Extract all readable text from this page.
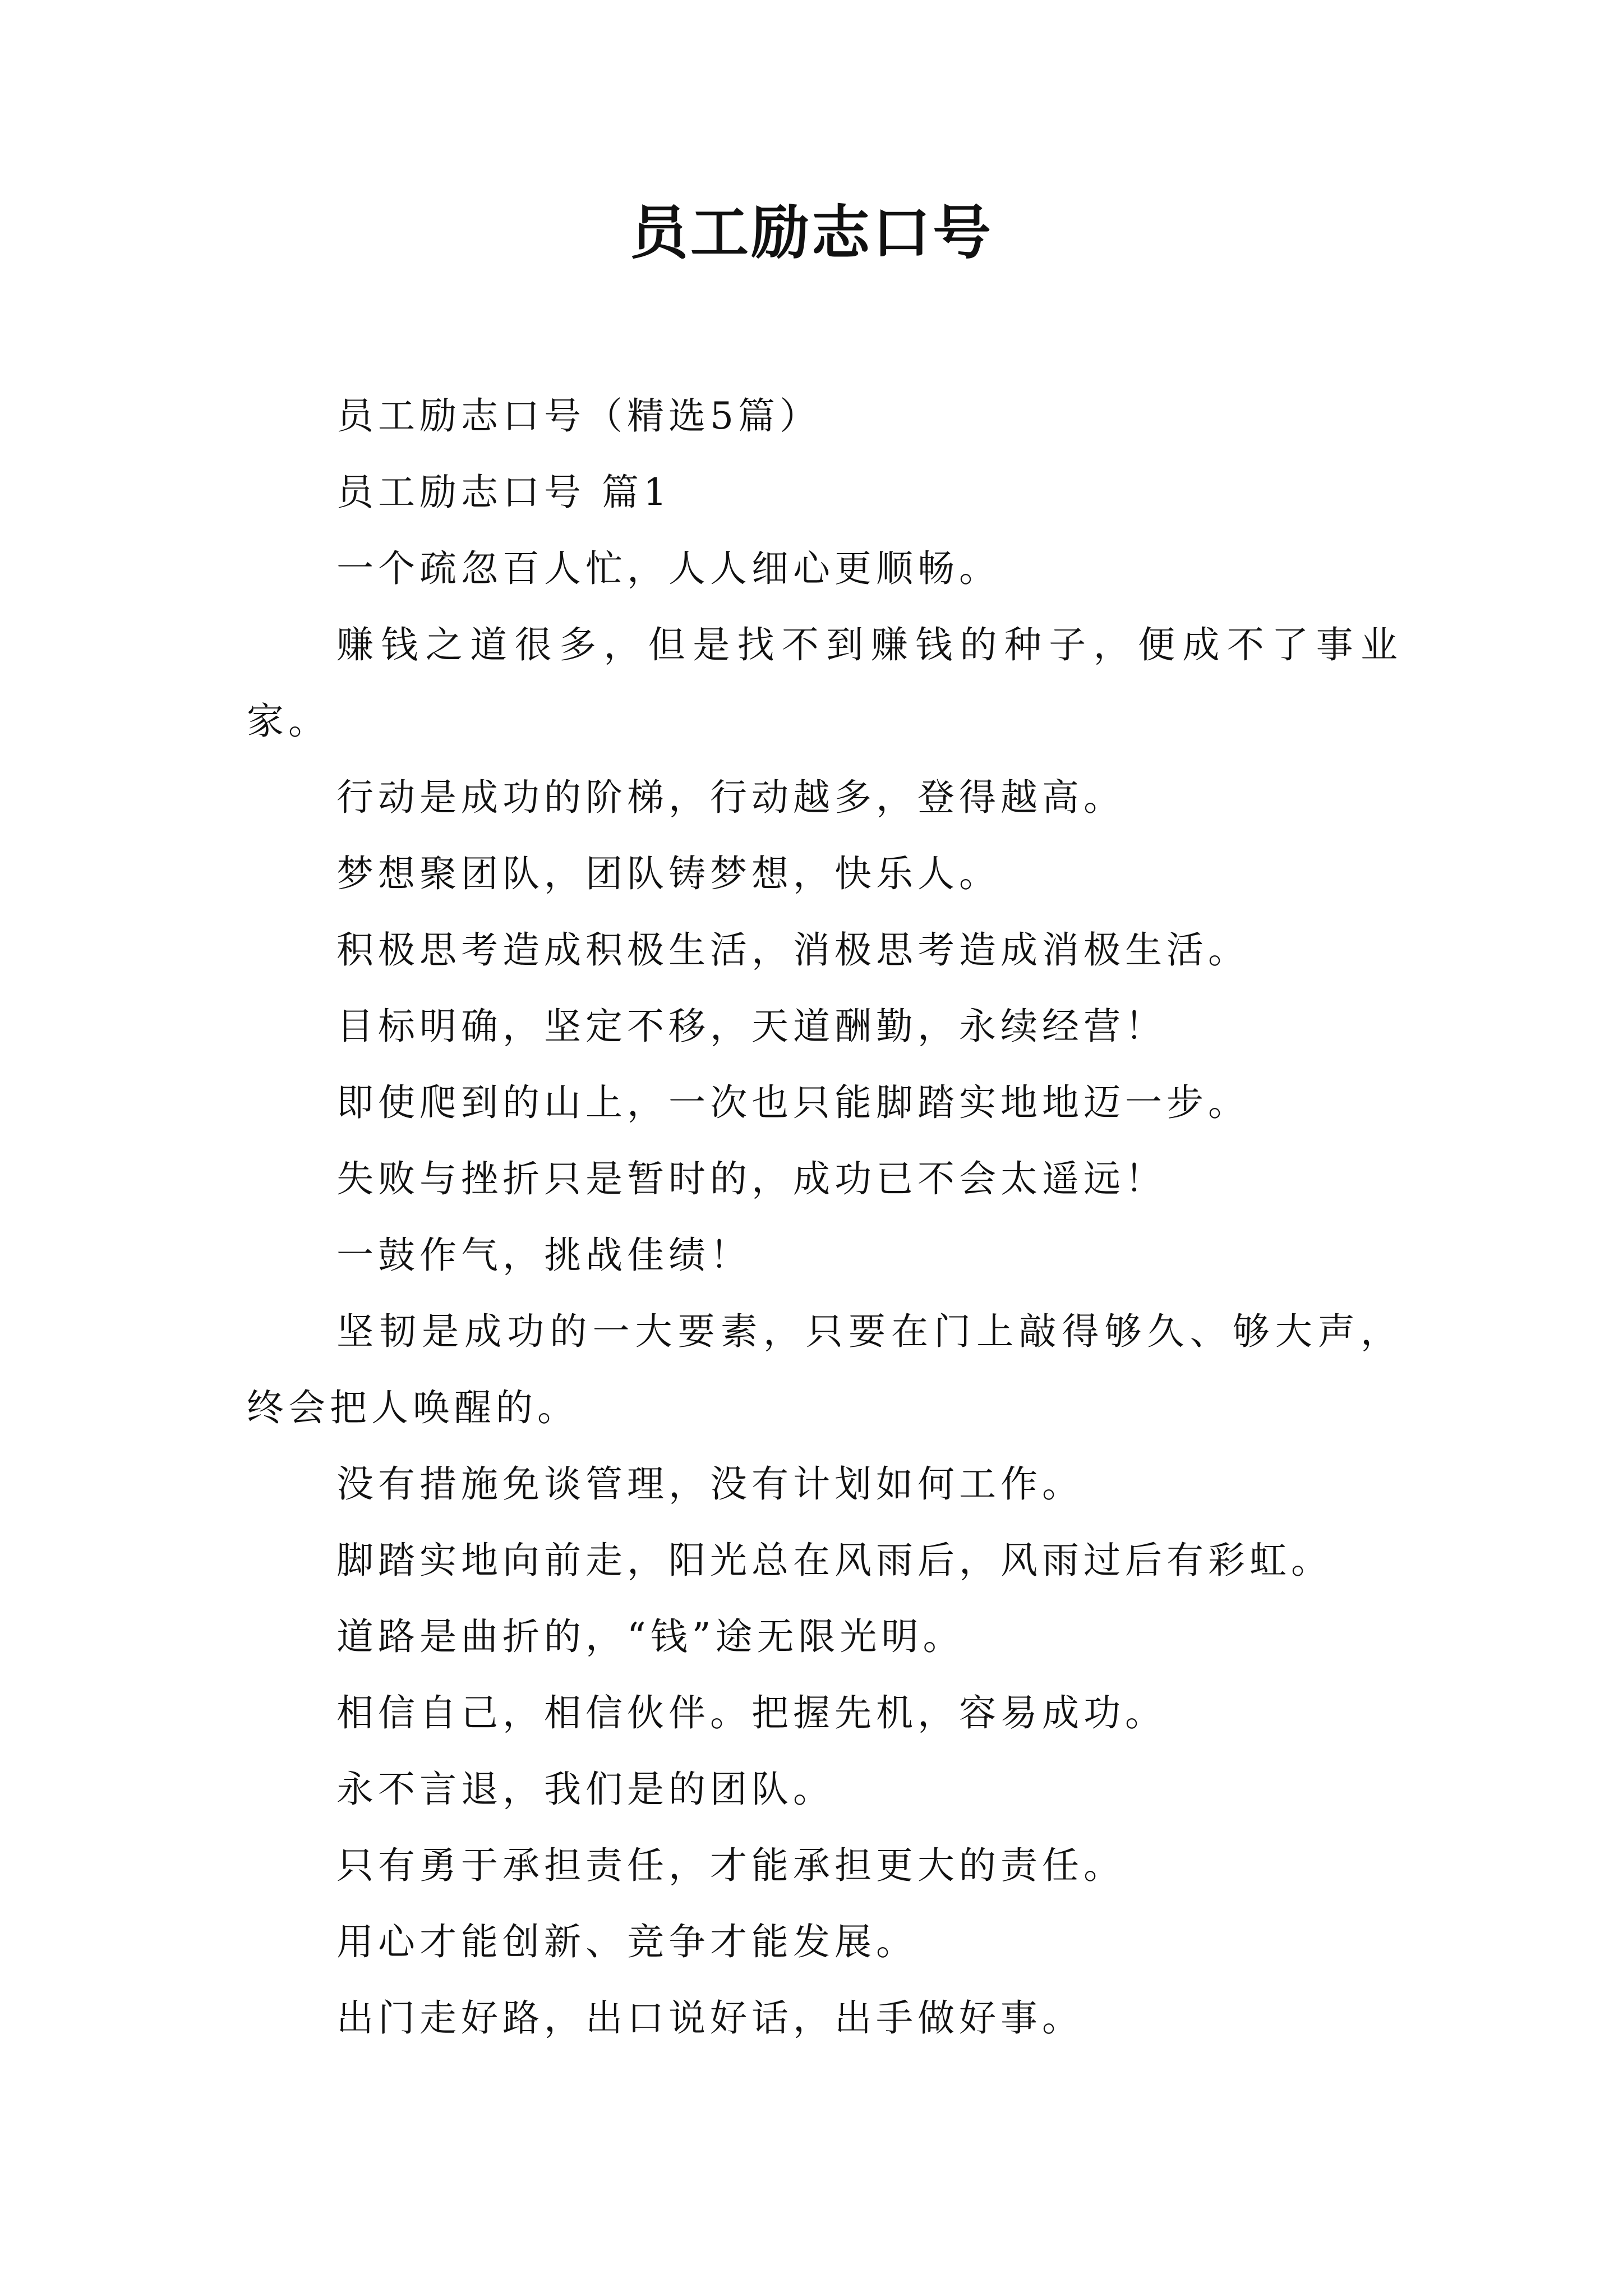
员工励志口号

员工励志口号（精选5篇）

员工励志口号 篇1

一个疏忽百人忙，人人细心更顺畅。

赚钱之道很多，但是找不到赚钱的种子，便成不了事业家。

行动是成功的阶梯，行动越多，登得越高。

梦想聚团队，团队铸梦想，快乐人。

积极思考造成积极生活，消极思考造成消极生活。

目标明确，坚定不移，天道酬勤，永续经营！

即使爬到的山上，一次也只能脚踏实地地迈一步。

失败与挫折只是暂时的，成功已不会太遥远！

一鼓作气，挑战佳绩！

坚韧是成功的一大要素，只要在门上敲得够久、够大声，终会把人唤醒的。

没有措施免谈管理，没有计划如何工作。

脚踏实地向前走，阳光总在风雨后，风雨过后有彩虹。

道路是曲折的，“钱”途无限光明。

相信自己，相信伙伴。把握先机，容易成功。

永不言退，我们是的团队。

只有勇于承担责任，才能承担更大的责任。

用心才能创新、竞争才能发展。

出门走好路，出口说好话，出手做好事。
